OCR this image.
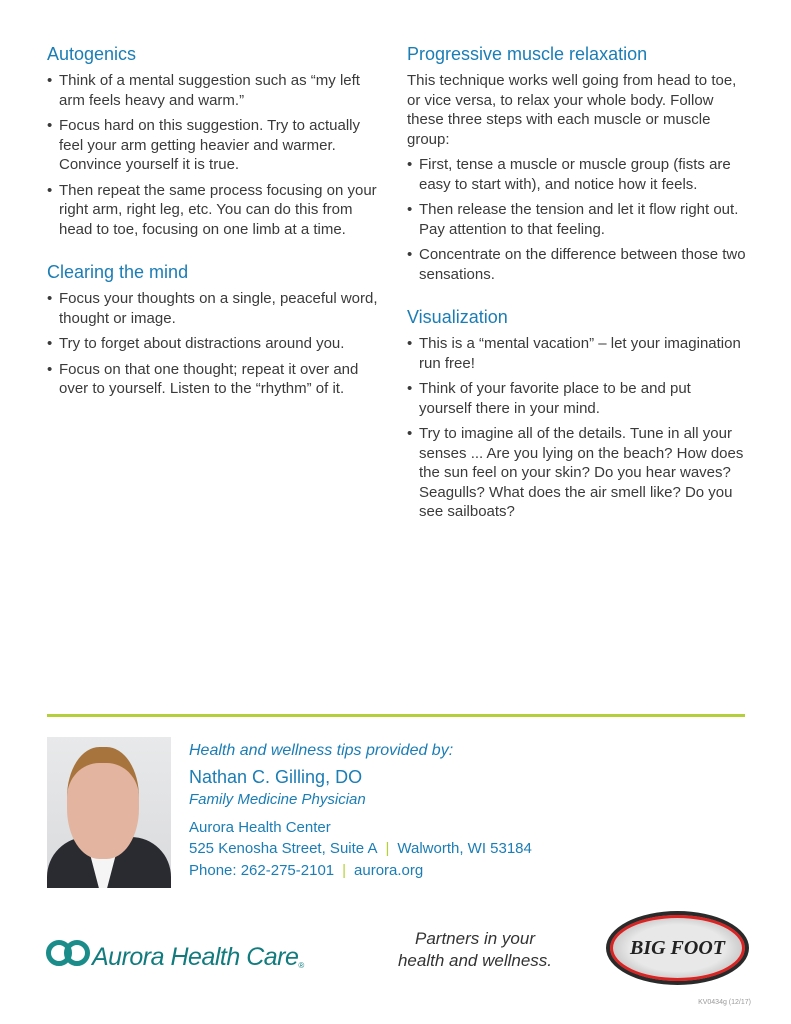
Autogenics
• Think of a mental suggestion such as “my left arm feels heavy and warm.”
• Focus hard on this suggestion. Try to actually feel your arm getting heavier and warmer. Convince yourself it is true.
• Then repeat the same process focusing on your right arm, right leg, etc. You can do this from head to toe, focusing on one limb at a time.
Clearing the mind
• Focus your thoughts on a single, peaceful word, thought or image.
• Try to forget about distractions around you.
• Focus on that one thought; repeat it over and over to yourself. Listen to the “rhythm” of it.
Progressive muscle relaxation

This technique works well going from head to toe, or vice versa, to relax your whole body. Follow these three steps with each muscle or muscle group:

• First, tense a muscle or muscle group (fists are easy to start with), and notice how it feels.
• Then release the tension and let it flow right out. Pay attention to that feeling.
• Concentrate on the difference between those two sensations.
Visualization
• This is a “mental vacation” – let your imagination run free!
• Think of your favorite place to be and put yourself there in your mind.
• Try to imagine all of the details. Tune in all your senses ... Are you lying on the beach? How does the sun feel on your skin? Do you hear waves? Seagulls? What does the air smell like? Do you see sailboats?
Health and wellness tips provided by:
Nathan C. Gilling, DO
Family Medicine Physician
Aurora Health Center
525 Kenosha Street, Suite A | Walworth, WI 53184
Phone: 262-275-2101 | aurora.org
Aurora Health Care$_®$
Partners in your
health and wellness.
BIG FOOT
KV0434g (12/17)
